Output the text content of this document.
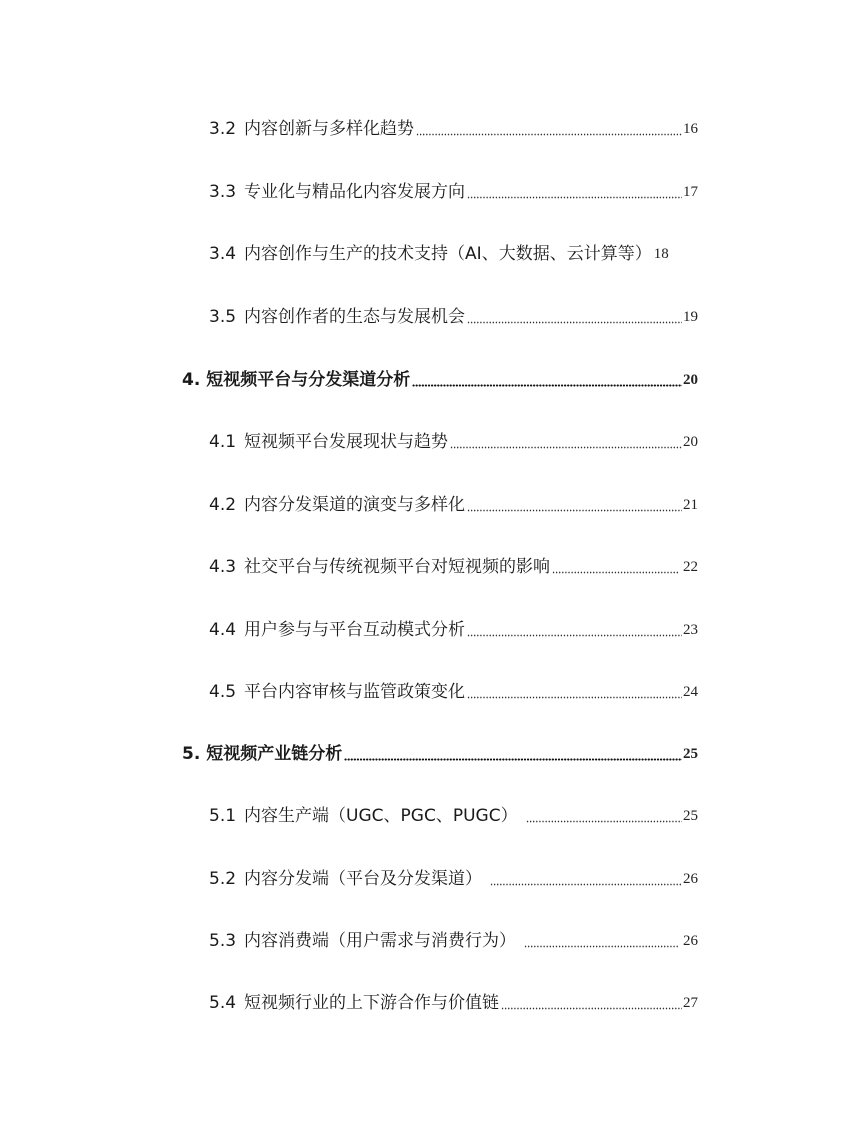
3.2 内容创新与多样化趋势	16
3.3 专业化与精品化内容发展方向	17
3.4 内容创作与生产的技术支持（AI、大数据、云计算等） 18
3.5 内容创作者的生态与发展机会	19
4. 短视频平台与分发渠道分析	20
4.1 短视频平台发展现状与趋势	20
4.2 内容分发渠道的演变与多样化	21
4.3 社交平台与传统视频平台对短视频的影响	22
4.4 用户参与与平台互动模式分析	23
4.5 平台内容审核与监管政策变化	24
5. 短视频产业链分析	25
5.1 内容生产端（UGC、PGC、PUGC）	25
5.2 内容分发端（平台及分发渠道）	26
5.3 内容消费端（用户需求与消费行为）	26
5.4 短视频行业的上下游合作与价值链	27
